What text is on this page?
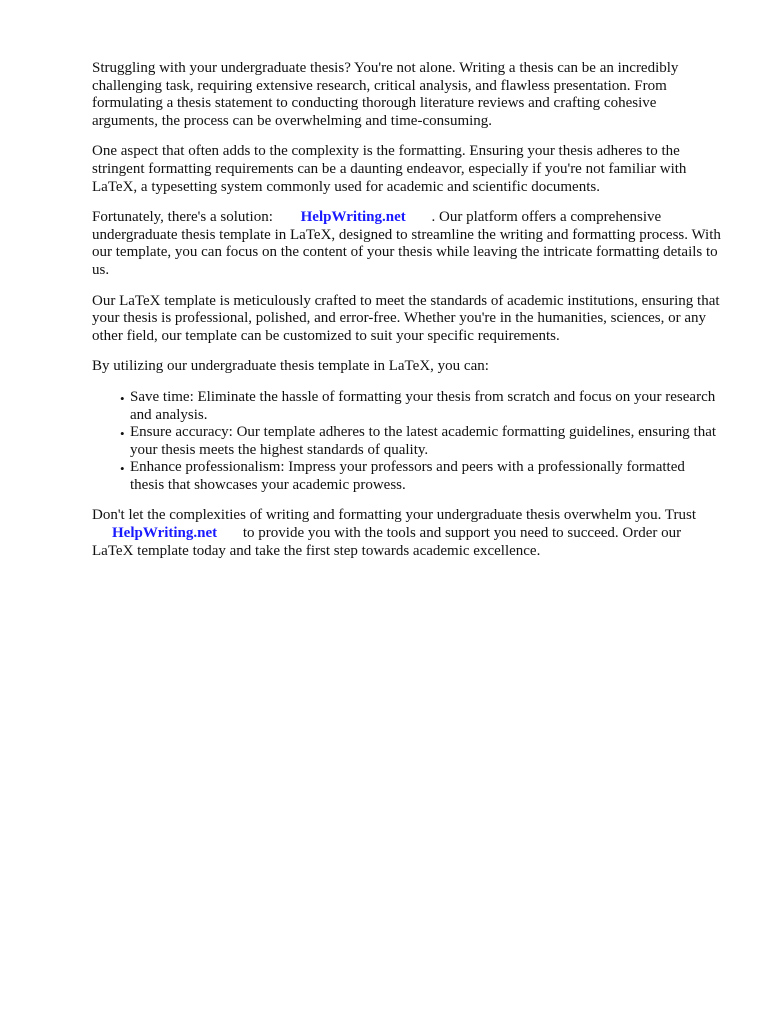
Struggling with your undergraduate thesis? You're not alone. Writing a thesis can be an incredibly challenging task, requiring extensive research, critical analysis, and flawless presentation. From formulating a thesis statement to conducting thorough literature reviews and crafting cohesive arguments, the process can be overwhelming and time-consuming.

One aspect that often adds to the complexity is the formatting. Ensuring your thesis adheres to the stringent formatting requirements can be a daunting endeavor, especially if you're not familiar with LaTeX, a typesetting system commonly used for academic and scientific documents.

Fortunately, there's a solution: HelpWriting.net . Our platform offers a comprehensive undergraduate thesis template in LaTeX, designed to streamline the writing and formatting process. With our template, you can focus on the content of your thesis while leaving the intricate formatting details to us.

Our LaTeX template is meticulously crafted to meet the standards of academic institutions, ensuring that your thesis is professional, polished, and error-free. Whether you're in the humanities, sciences, or any other field, our template can be customized to suit your specific requirements.

By utilizing our undergraduate thesis template in LaTeX, you can:

• Save time: Eliminate the hassle of formatting your thesis from scratch and focus on your research and analysis.
• Ensure accuracy: Our template adheres to the latest academic formatting guidelines, ensuring that your thesis meets the highest standards of quality.
• Enhance professionalism: Impress your professors and peers with a professionally formatted thesis that showcases your academic prowess.

Don't let the complexities of writing and formatting your undergraduate thesis overwhelm you. Trust
HelpWriting.net to provide you with the tools and support you need to succeed. Order our LaTeX template today and take the first step towards academic excellence.
